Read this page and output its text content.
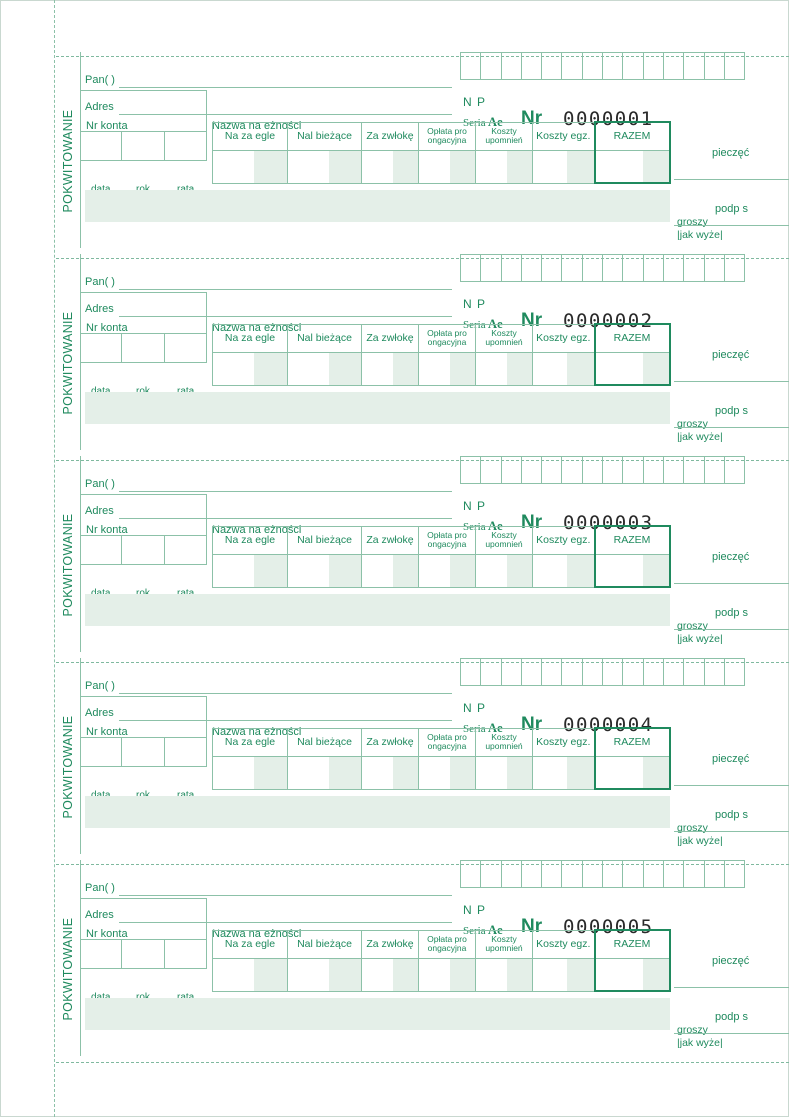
POKWITOWANIE
Pan( )
Adres	N P
Seria Ae Nr 0000001
Nr konta	Nazwa na eżności
Na za egle	Nal bieżące	Za zwłokę	Opłata pro ongacyjna	Koszty upomnień	Koszty egz.	RAZEM

pieczęć
podp s
groszy
|jak wyże|
POKWITOWANIE
Pan( )
Adres	N P
Seria Ae Nr 0000002
Nr konta	Nazwa na eżności
Na za egle	Nal bieżące	Za zwłokę	Opłata pro ongacyjna	Koszty upomnień	Koszty egz.	RAZEM

pieczęć
podp s
groszy
|jak wyże|
POKWITOWANIE
Pan( )
Adres	N P
Seria Ae Nr 0000003
Nr konta	Nazwa na eżności
Na za egle	Nal bieżące	Za zwłokę	Opłata pro ongacyjna	Koszty upomnień	Koszty egz.	RAZEM

pieczęć
podp s
groszy
|jak wyże|
POKWITOWANIE
Pan( )
Adres	N P
Seria Ae Nr 0000004
Nr konta	Nazwa na eżności
Na za egle	Nal bieżące	Za zwłokę	Opłata pro ongacyjna	Koszty upomnień	Koszty egz.	RAZEM

pieczęć
podp s
groszy
|jak wyże|
POKWITOWANIE
Pan( )
Adres	N P
Seria Ae Nr 0000005
Nr konta	Nazwa na eżności
Na za egle	Nal bieżące	Za zwłokę	Opłata pro ongacyjna	Koszty upomnień	Koszty egz.	RAZEM

pieczęć
podp s
groszy
|jak wyże|
